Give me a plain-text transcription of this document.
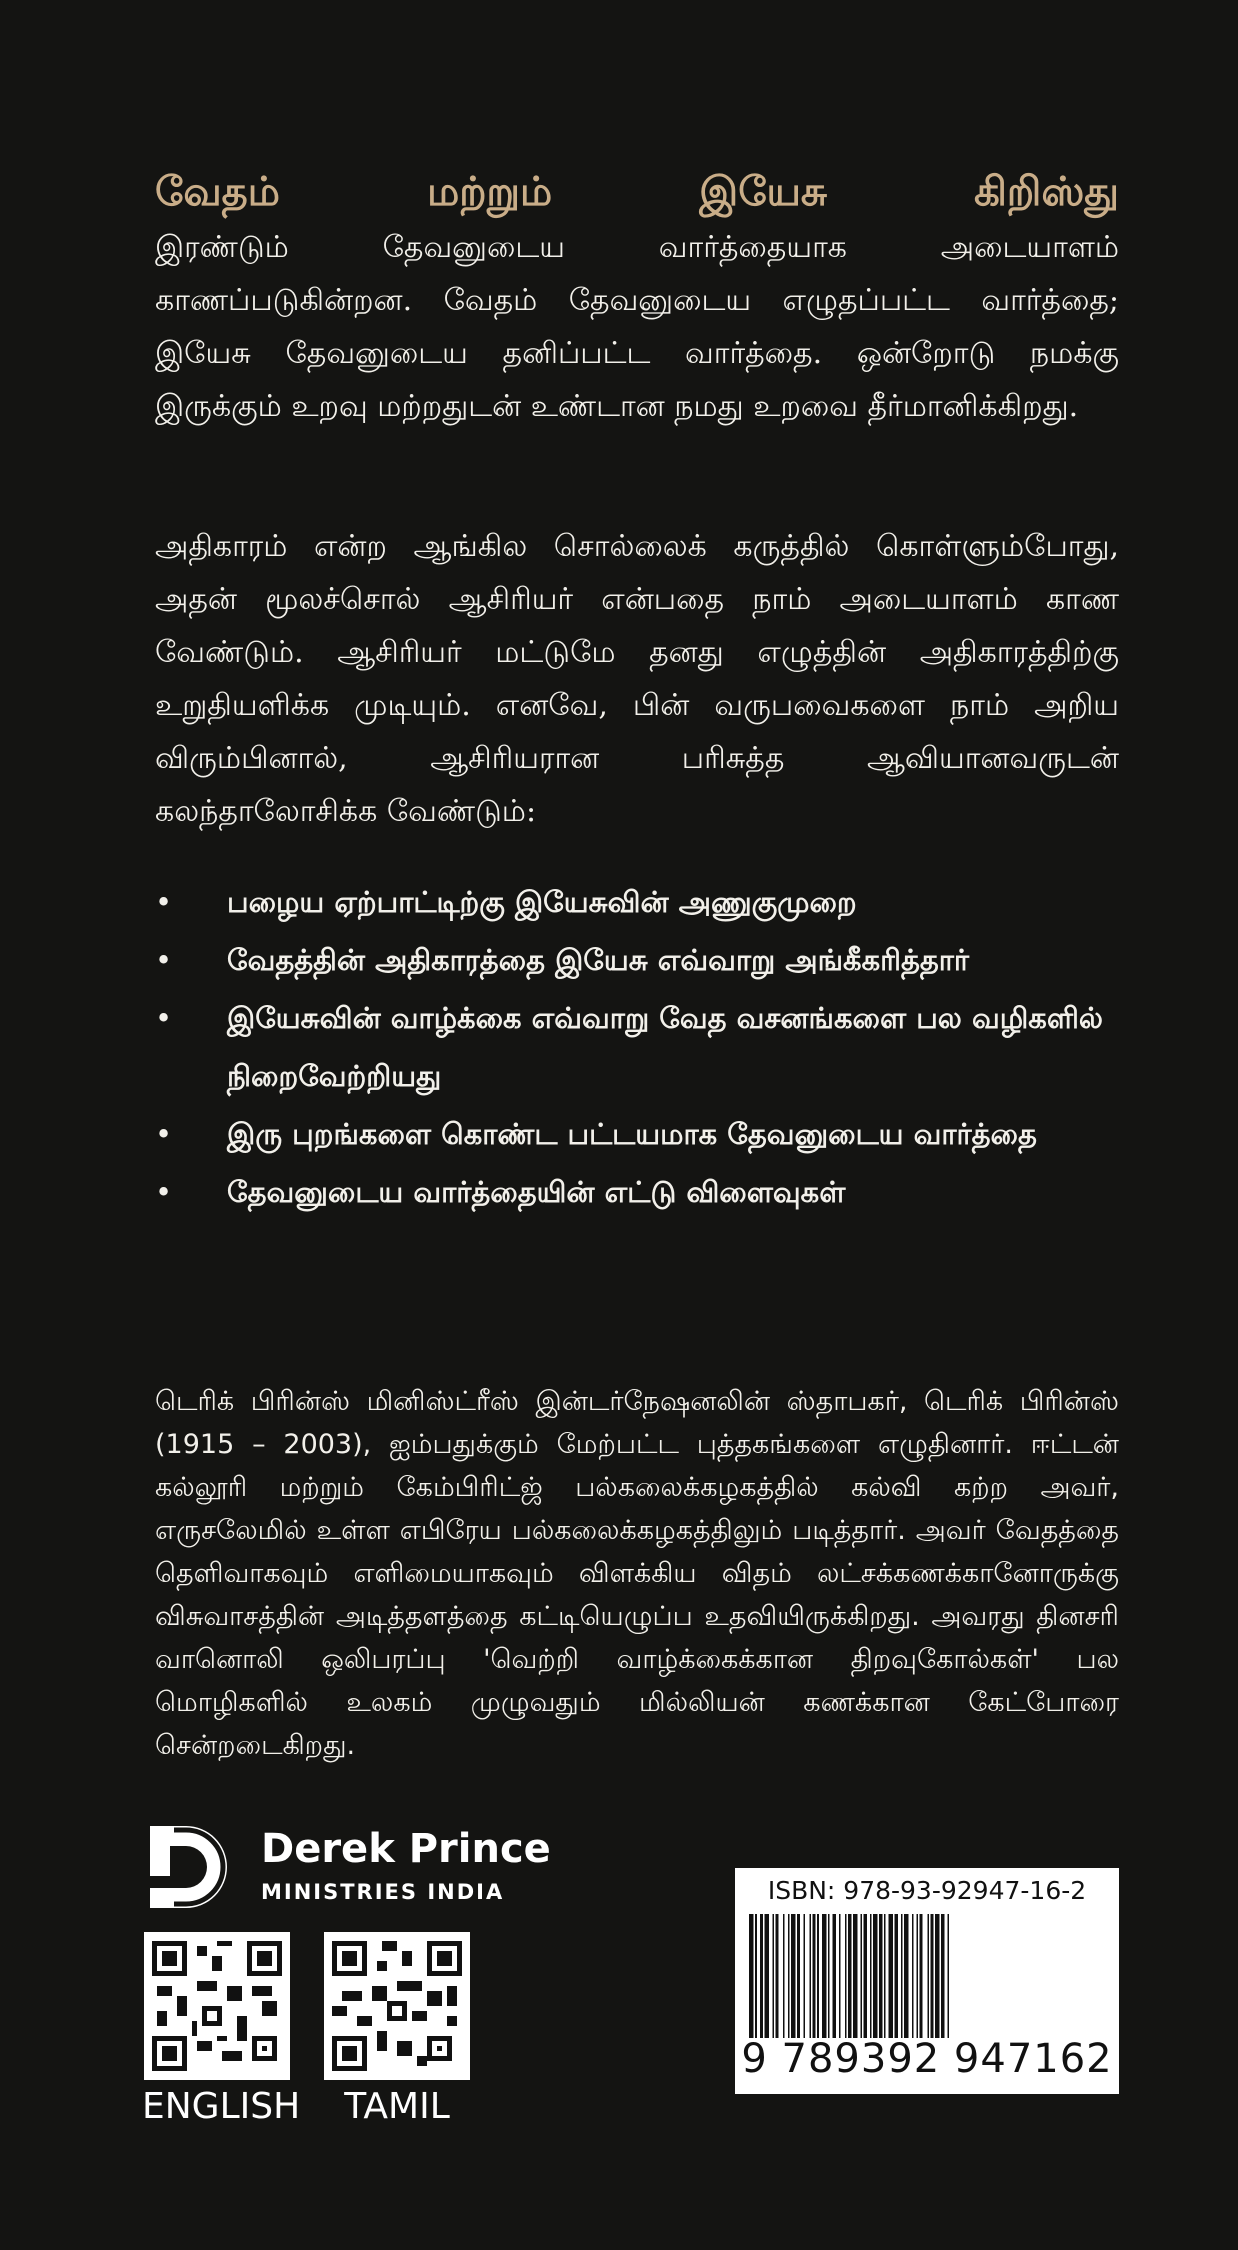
வேதம் மற்றும் இயேசு கிறிஸ்து
இரண்டும் தேவனுடைய வார்த்தையாக அடையாளம் காணப்படுகின்றன. வேதம் தேவனுடைய எழுதப்பட்ட வார்த்தை; இயேசு தேவனுடைய தனிப்பட்ட வார்த்தை. ஒன்றோடு நமக்கு இருக்கும் உறவு மற்றதுடன் உண்டான நமது உறவை தீர்மானிக்கிறது.

அதிகாரம் என்ற ஆங்கில சொல்லைக் கருத்தில் கொள்ளும்போது, அதன் மூலச்சொல் ஆசிரியர் என்பதை நாம் அடையாளம் காண வேண்டும். ஆசிரியர் மட்டுமே தனது எழுத்தின் அதிகாரத்திற்கு உறுதியளிக்க முடியும். எனவே, பின் வருபவைகளை நாம் அறிய விரும்பினால், ஆசிரியரான பரிசுத்த ஆவியானவருடன் கலந்தாலோசிக்க வேண்டும்:

• பழைய ஏற்பாட்டிற்கு இயேசுவின் அணுகுமுறை
• வேதத்தின் அதிகாரத்தை இயேசு எவ்வாறு அங்கீகரித்தார்
• இயேசுவின் வாழ்க்கை எவ்வாறு வேத வசனங்களை பல வழிகளில் நிறைவேற்றியது
• இரு புறங்களை கொண்ட பட்டயமாக தேவனுடைய வார்த்தை
• தேவனுடைய வார்த்தையின் எட்டு விளைவுகள்

டெரிக் பிரின்ஸ் மினிஸ்ட்ரீஸ் இன்டர்நேஷனலின் ஸ்தாபகர், டெரிக் பிரின்ஸ் (1915 – 2003), ஐம்பதுக்கும் மேற்பட்ட புத்தகங்களை எழுதினார். ஈட்டன் கல்லூரி மற்றும் கேம்பிரிட்ஜ் பல்கலைக்கழகத்தில் கல்வி கற்ற அவர், எருசலேமில் உள்ள எபிரேய பல்கலைக்கழகத்திலும் படித்தார். அவர் வேதத்தை தெளிவாகவும் எளிமையாகவும் விளக்கிய விதம் லட்சக்கணக்கானோருக்கு விசுவாசத்தின் அடித்தளத்தை கட்டியெழுப்ப உதவியிருக்கிறது. அவரது தினசரி வானொலி ஒலிபரப்பு 'வெற்றி வாழ்க்கைக்கான திறவுகோல்கள்' பல மொழிகளில் உலகம் முழுவதும் மில்லியன் கணக்கான கேட்போரை சென்றடைகிறது.

Derek Prince
MINISTRIES INDIA
ENGLISH	TAMIL
ISBN: 978-93-92947-16-2
9 789392 947162
